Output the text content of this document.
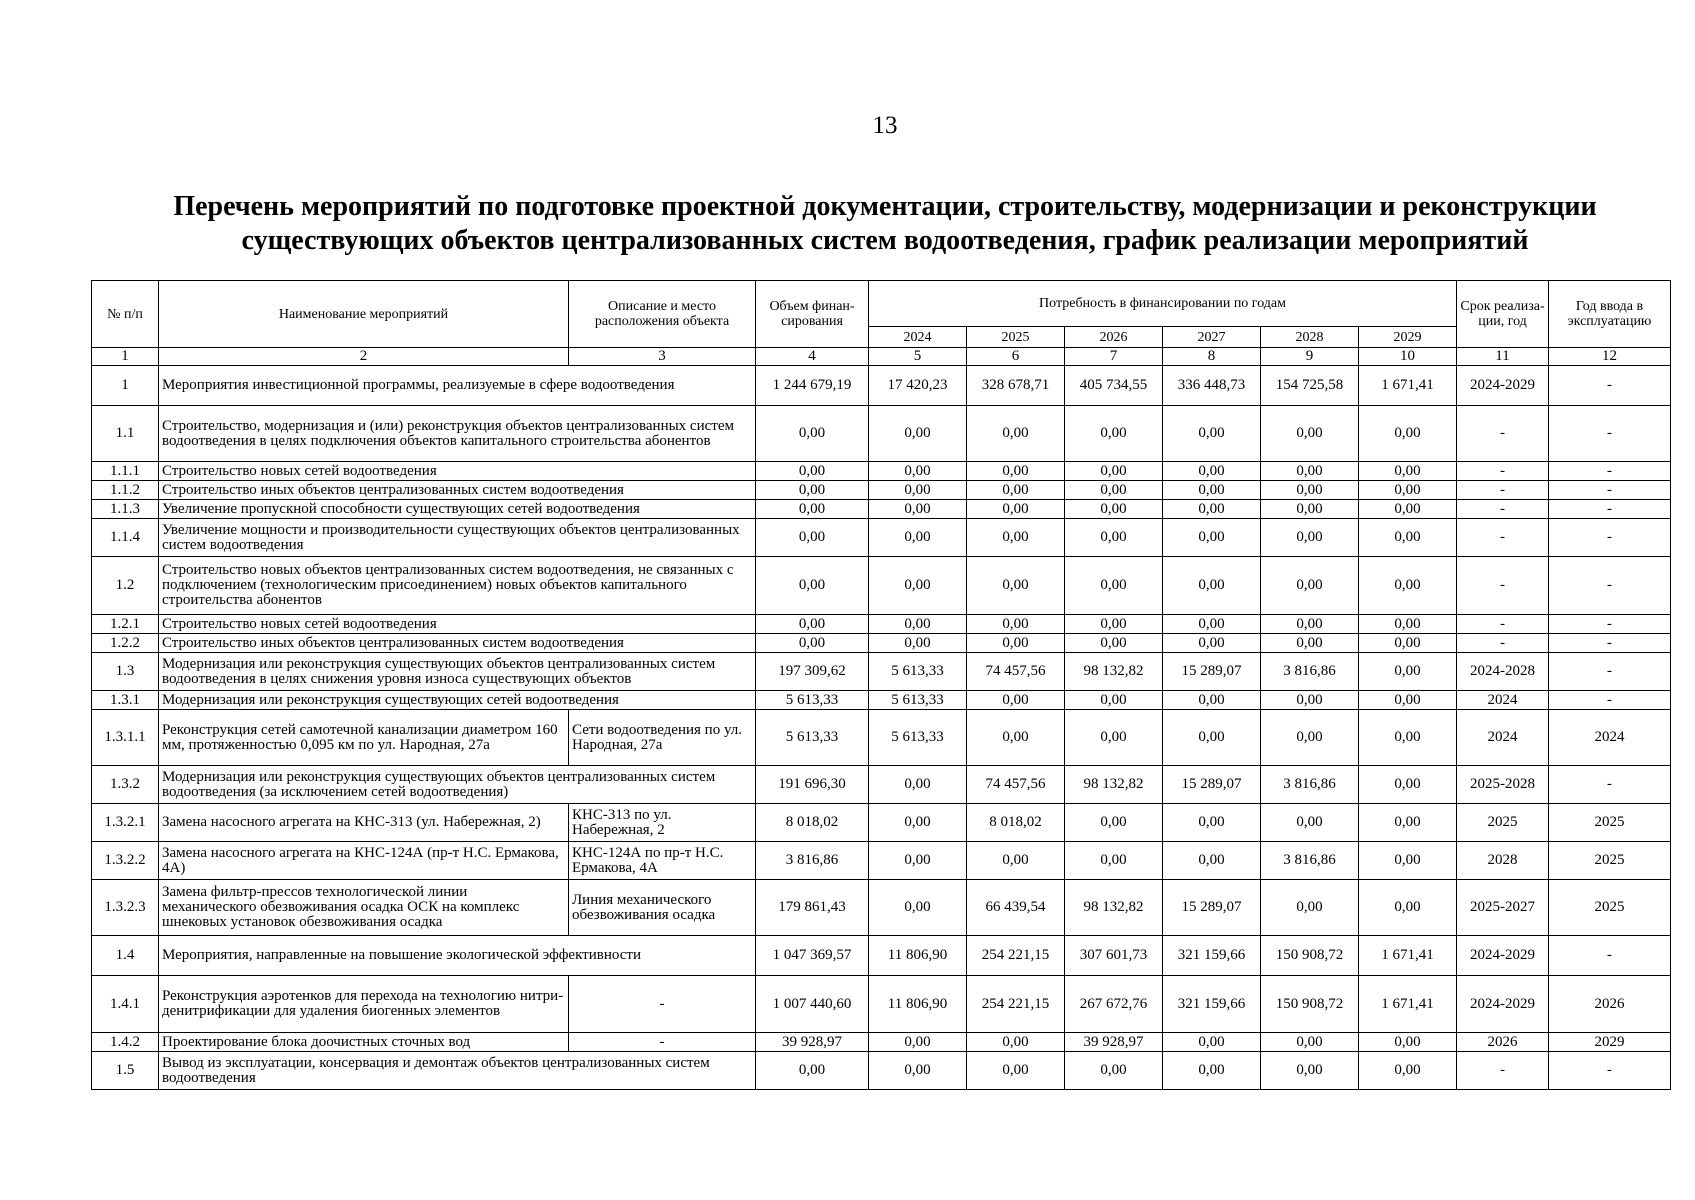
13
Перечень мероприятий по подготовке проектной документации, строительству, модернизации и реконструкции
существующих объектов централизованных систем водоотведения, график реализации мероприятий
№ п/п	Наименование мероприятий	Описание и место расположения объекта	Объем финан-сирования	Потребность в финансировании по годам						Срок реализа-ции, год	Год ввода в эксплуатацию
				2024	2025	2026	2027	2028	2029		
1	2	3	4	5	6	7	8	9	10	11	12
1	Мероприятия инвестиционной программы, реализуемые в сфере водоотведения		1 244 679,19	17 420,23	328 678,71	405 734,55	336 448,73	154 725,58	1 671,41	2024-2029	-
1.1	Строительство, модернизация и (или) реконструкция объектов централизованных систем водоотведения в целях подключения объектов капитального строительства абонентов		0,00	0,00	0,00	0,00	0,00	0,00	0,00	-	-
1.1.1	Строительство новых сетей водоотведения		0,00	0,00	0,00	0,00	0,00	0,00	0,00	-	-
1.1.2	Строительство иных объектов централизованных систем водоотведения		0,00	0,00	0,00	0,00	0,00	0,00	0,00	-	-
1.1.3	Увеличение пропускной способности существующих сетей водоотведения		0,00	0,00	0,00	0,00	0,00	0,00	0,00	-	-
1.1.4	Увеличение мощности и производительности существующих объектов централизованных систем водоотведения		0,00	0,00	0,00	0,00	0,00	0,00	0,00	-	-
1.2	Строительство новых объектов централизованных систем водоотведения, не связанных с подключением (технологическим присоединением) новых объектов капитального строительства абонентов		0,00	0,00	0,00	0,00	0,00	0,00	0,00	-	-
1.2.1	Строительство новых сетей водоотведения		0,00	0,00	0,00	0,00	0,00	0,00	0,00	-	-
1.2.2	Строительство иных объектов централизованных систем водоотведения		0,00	0,00	0,00	0,00	0,00	0,00	0,00	-	-
1.3	Модернизация или реконструкция существующих объектов централизованных систем водоотведения в целях снижения уровня износа существующих объектов		197 309,62	5 613,33	74 457,56	98 132,82	15 289,07	3 816,86	0,00	2024-2028	-
1.3.1	Модернизация или реконструкция существующих сетей водоотведения		5 613,33	5 613,33	0,00	0,00	0,00	0,00	0,00	2024	-
1.3.1.1	Реконструкция сетей самотечной канализации диаметром 160 мм, протяженностью 0,095 км по ул. Народная, 27а	Сети водоотведения по ул. Народная, 27а	5 613,33	5 613,33	0,00	0,00	0,00	0,00	0,00	2024	2024
1.3.2	Модернизация или реконструкция существующих объектов централизованных систем водоотведения (за исключением сетей водоотведения)		191 696,30	0,00	74 457,56	98 132,82	15 289,07	3 816,86	0,00	2025-2028	-
1.3.2.1	Замена насосного агрегата на КНС-313 (ул. Набережная, 2)	КНС-313 по ул. Набережная, 2	8 018,02	0,00	8 018,02	0,00	0,00	0,00	0,00	2025	2025
1.3.2.2	Замена насосного агрегата на КНС-124А (пр-т Н.С. Ермакова, 4А)	КНС-124А по пр-т Н.С. Ермакова, 4А	3 816,86	0,00	0,00	0,00	0,00	3 816,86	0,00	2028	2025
1.3.2.3	Замена фильтр-прессов технологической линии механического обезвоживания осадка ОСК на комплекс шнековых установок обезвоживания осадка	Линия механического обезвоживания осадка	179 861,43	0,00	66 439,54	98 132,82	15 289,07	0,00	0,00	2025-2027	2025
1.4	Мероприятия, направленные на повышение экологической эффективности		1 047 369,57	11 806,90	254 221,15	307 601,73	321 159,66	150 908,72	1 671,41	2024-2029	-
1.4.1	Реконструкция аэротенков для перехода на технологию нитри-денитрификации для удаления биогенных элементов	-	1 007 440,60	11 806,90	254 221,15	267 672,76	321 159,66	150 908,72	1 671,41	2024-2029	2026
1.4.2	Проектирование блока доочистных сточных вод	-	39 928,97	0,00	0,00	39 928,97	0,00	0,00	0,00	2026	2029
1.5	Вывод из эксплуатации, консервация и демонтаж объектов централизованных систем водоотведения		0,00	0,00	0,00	0,00	0,00	0,00	0,00	-	-
